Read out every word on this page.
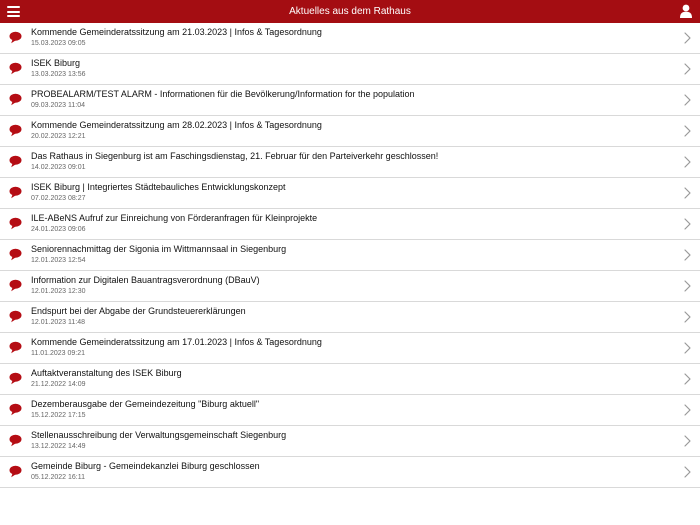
Aktuelles aus dem Rathaus
Kommende Gemeinderatssitzung am 21.03.2023 | Infos & Tagesordnung
15.03.2023 09:05
ISEK Biburg
13.03.2023 13:56
PROBEALARM/TEST ALARM - Informationen für die Bevölkerung/Information for the population
09.03.2023 11:04
Kommende Gemeinderatssitzung am 28.02.2023 | Infos & Tagesordnung
20.02.2023 12:21
Das Rathaus in Siegenburg ist am Faschingsdienstag, 21. Februar für den Parteiverkehr geschlossen!
14.02.2023 09:01
ISEK Biburg | Integriertes Städtebauliches Entwicklungskonzept
07.02.2023 08:27
ILE-ABeNS Aufruf zur Einreichung von Förderanfragen für Kleinprojekte
24.01.2023 09:06
Seniorennachmittag der Sigonia im Wittmannsaal in Siegenburg
12.01.2023 12:54
Information zur Digitalen Bauantragsverordnung (DBauV)
12.01.2023 12:30
Endspurt bei der Abgabe der Grundsteuererklärungen
12.01.2023 11:48
Kommende Gemeinderatssitzung am 17.01.2023 | Infos & Tagesordnung
11.01.2023 09:21
Auftaktveranstaltung des ISEK Biburg
21.12.2022 14:09
Dezemberausgabe der Gemeindezeitung "Biburg aktuell"
15.12.2022 17:15
Stellenausschreibung der Verwaltungsgemeinschaft Siegenburg
13.12.2022 14:49
Gemeinde Biburg - Gemeindekanzlei Biburg geschlossen
05.12.2022 16:11
